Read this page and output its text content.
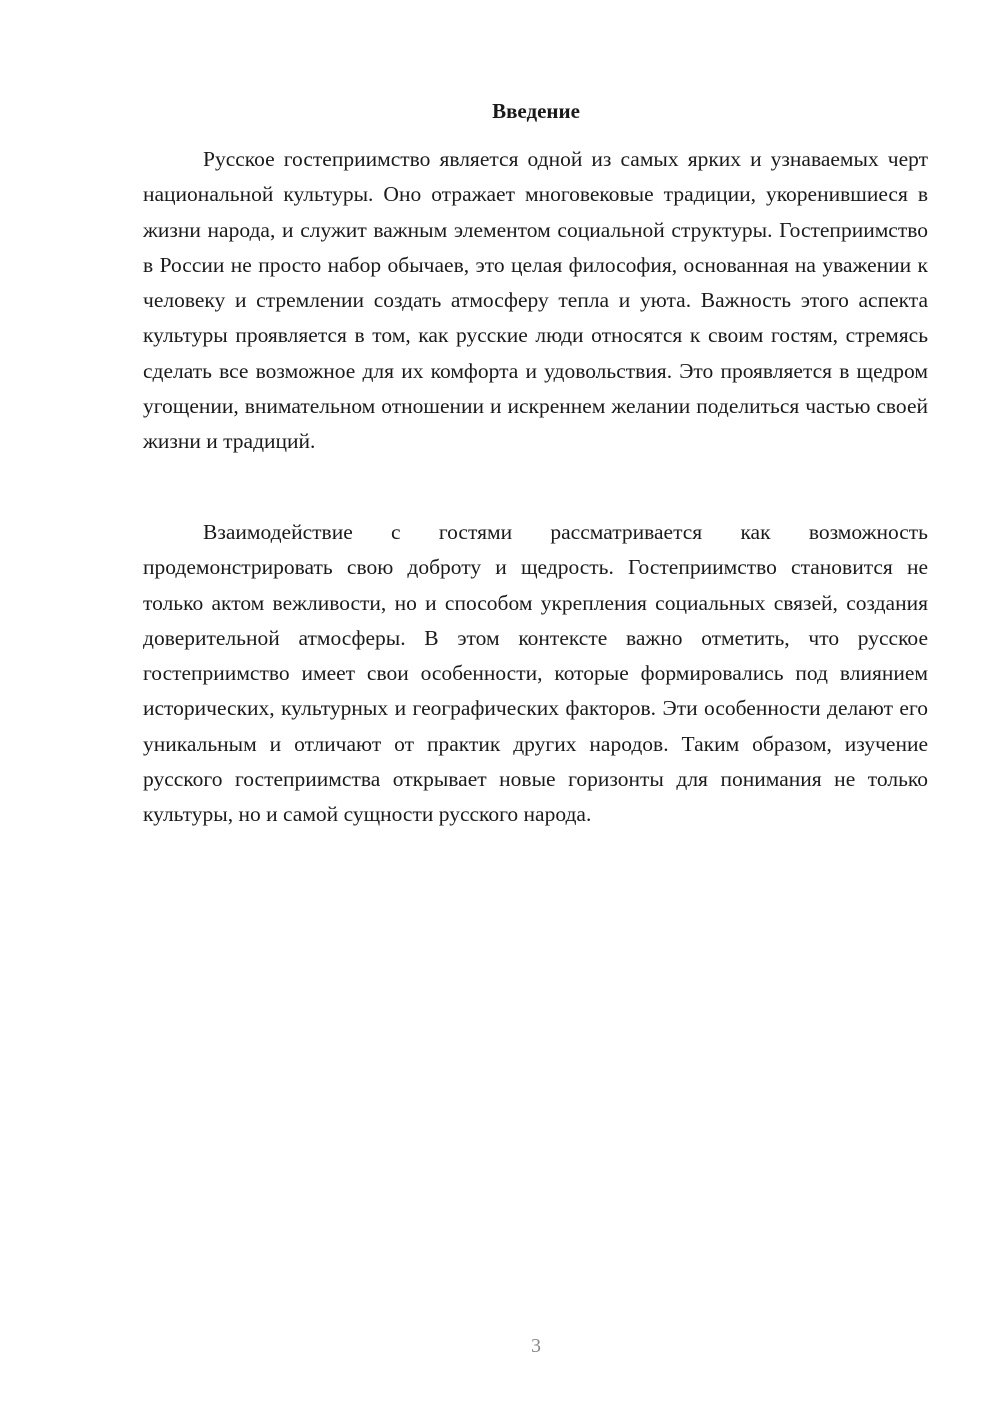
Введение

Русское гостеприимство является одной из самых ярких и узнаваемых черт национальной культуры. Оно отражает многовековые традиции, укоренившиеся в жизни народа, и служит важным элементом социальной структуры. Гостеприимство в России не просто набор обычаев, это целая философия, основанная на уважении к человеку и стремлении создать атмосферу тепла и уюта. Важность этого аспекта культуры проявляется в том, как русские люди относятся к своим гостям, стремясь сделать все возможное для их комфорта и удовольствия. Это проявляется в щедром угощении, внимательном отношении и искреннем желании поделиться частью своей жизни и традиций.

Взаимодействие с гостями рассматривается как возможность продемонстрировать свою доброту и щедрость. Гостеприимство становится не только актом вежливости, но и способом укрепления социальных связей, создания доверительной атмосферы. В этом контексте важно отметить, что русское гостеприимство имеет свои особенности, которые формировались под влиянием исторических, культурных и географических факторов. Эти особенности делают его уникальным и отличают от практик других народов. Таким образом, изучение русского гостеприимства открывает новые горизонты для понимания не только культуры, но и самой сущности русского народа.

3
